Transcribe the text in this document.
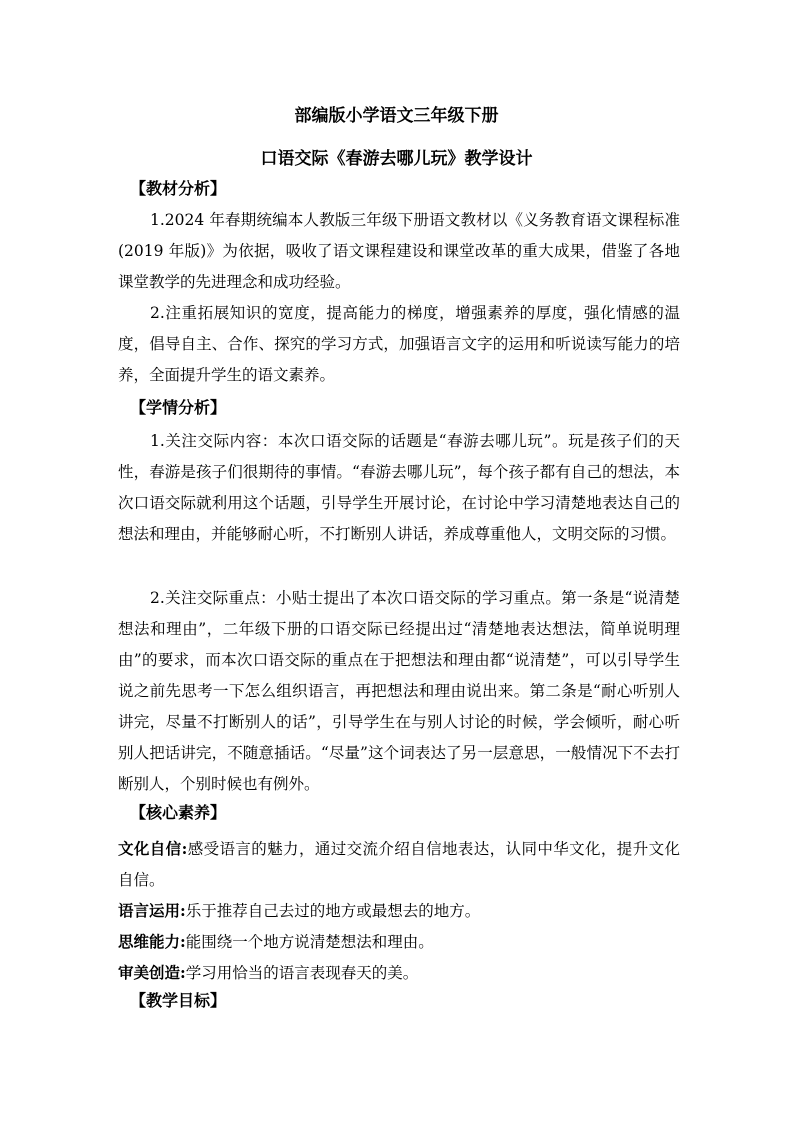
部编版小学语文三年级下册
口语交际《春游去哪儿玩》教学设计
【教材分析】

1.2024 年春期统编本人教版三年级下册语文教材以《义务教育语文课程标准(2019 年版)》为依据，吸收了语文课程建设和课堂改革的重大成果，借鉴了各地课堂教学的先进理念和成功经验。

2.注重拓展知识的宽度，提高能力的梯度，增强素养的厚度，强化情感的温度，倡导自主、合作、探究的学习方式，加强语言文字的运用和听说读写能力的培养，全面提升学生的语文素养。

【学情分析】

1.关注交际内容：本次口语交际的话题是“春游去哪儿玩”。玩是孩子们的天性，春游是孩子们很期待的事情。“春游去哪儿玩”，每个孩子都有自己的想法，本次口语交际就利用这个话题，引导学生开展讨论，在讨论中学习清楚地表达自己的想法和理由，并能够耐心听，不打断别人讲话，养成尊重他人，文明交际的习惯。

2.关注交际重点：小贴士提出了本次口语交际的学习重点。第一条是“说清楚想法和理由”，二年级下册的口语交际已经提出过“清楚地表达想法，简单说明理由”的要求，而本次口语交际的重点在于把想法和理由都“说清楚”，可以引导学生说之前先思考一下怎么组织语言，再把想法和理由说出来。第二条是“耐心听别人讲完，尽量不打断别人的话”，引导学生在与别人讨论的时候，学会倾听，耐心听别人把话讲完，不随意插话。“尽量”这个词表达了另一层意思，一般情况下不去打断别人，个别时候也有例外。

【核心素养】

文化自信:感受语言的魅力，通过交流介绍自信地表达，认同中华文化，提升文化自信。

语言运用:乐于推荐自己去过的地方或最想去的地方。

思维能力:能围绕一个地方说清楚想法和理由。

审美创造:学习用恰当的语言表现春天的美。

【教学目标】
